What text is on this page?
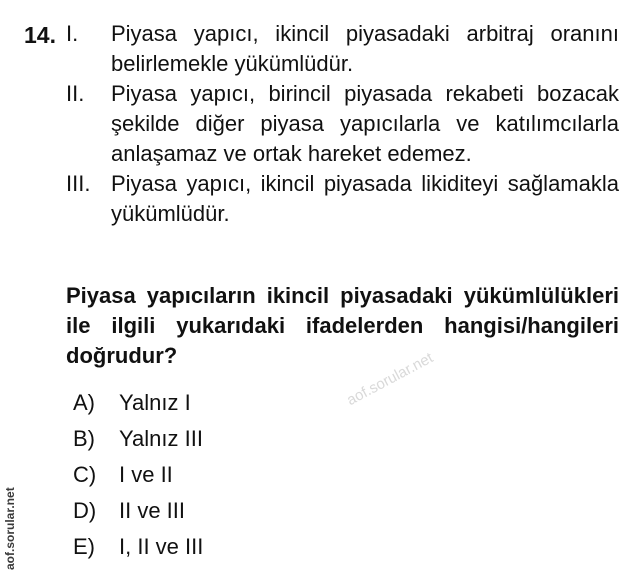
14. I.	Piyasa yapıcı, ikincil piyasadaki arbitraj oranını belirlemekle yükümlüdür.
II.	Piyasa yapıcı, birincil piyasada rekabeti bozacak şekilde diğer piyasa yapıcılarla ve katılımcılarla anlaşamaz ve ortak hareket edemez.
III. Piyasa yapıcı, ikincil piyasada likiditeyi sağlamakla yükümlüdür.
Piyasa yapıcıların ikincil piyasadaki yükümlülükleri ile ilgili yukarıdaki ifadelerden hangisi/hangileri doğrudur?
A)	Yalnız I
B)	Yalnız III
C)	I ve II
D)	II ve III
E)	I, II ve III
aof.sorular.net
aof.sorular.net
